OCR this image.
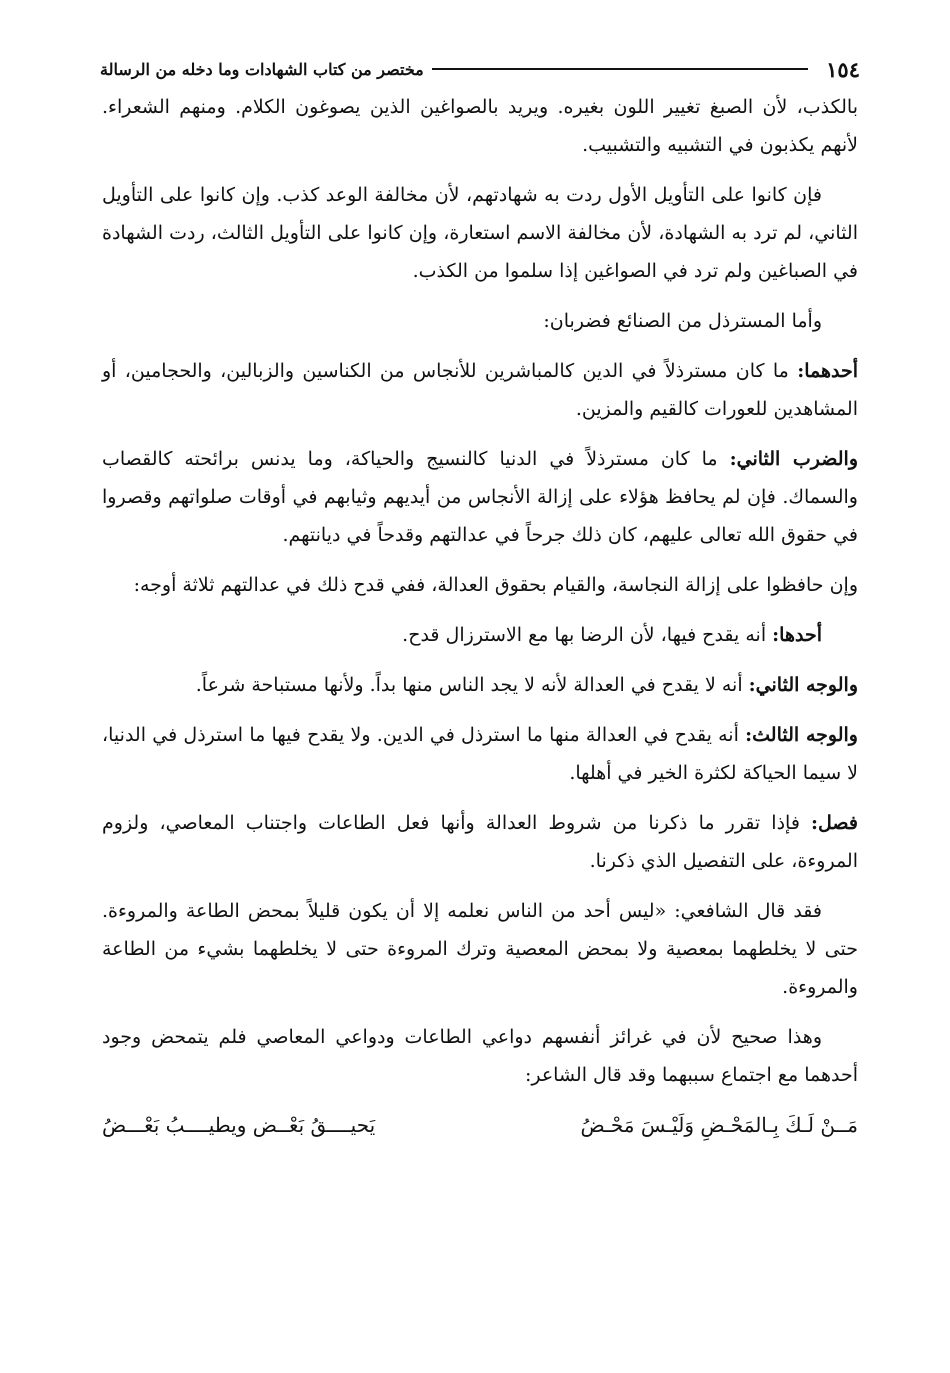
١٥٤
مختصر من كتاب الشهادات وما دخله من الرسالة

بالكذب، لأن الصبغ تغيير اللون بغيره. ويريد بالصواغين الذين يصوغون الكلام. ومنهم الشعراء. لأنهم يكذبون في التشبيه والتشبيب.

فإن كانوا على التأويل الأول ردت به شهادتهم، لأن مخالفة الوعد كذب. وإن كانوا على التأويل الثاني، لم ترد به الشهادة، لأن مخالفة الاسم استعارة، وإن كانوا على التأويل الثالث، ردت الشهادة في الصباغين ولم ترد في الصواغين إذا سلموا من الكذب.

وأما المسترذل من الصنائع فضربان:

أحدهما: ما كان مسترذلاً في الدين كالمباشرين للأنجاس من الكناسين والزبالين، والحجامين، أو المشاهدين للعورات كالقيم والمزين.

والضرب الثاني: ما كان مسترذلاً في الدنيا كالنسيج والحياكة، وما يدنس برائحته كالقصاب والسماك. فإن لم يحافظ هؤلاء على إزالة الأنجاس من أيديهم وثيابهم في أوقات صلواتهم وقصروا في حقوق الله تعالى عليهم، كان ذلك جرحاً في عدالتهم وقدحاً في ديانتهم.

وإن حافظوا على إزالة النجاسة، والقيام بحقوق العدالة، ففي قدح ذلك في عدالتهم ثلاثة أوجه:

أحدها: أنه يقدح فيها، لأن الرضا بها مع الاسترزال قدح.

والوجه الثاني: أنه لا يقدح في العدالة لأنه لا يجد الناس منها بداً. ولأنها مستباحة شرعاً.

والوجه الثالث: أنه يقدح في العدالة منها ما استرذل في الدين. ولا يقدح فيها ما استرذل في الدنيا، لا سيما الحياكة لكثرة الخير في أهلها.

فصل: فإذا تقرر ما ذكرنا من شروط العدالة وأنها فعل الطاعات واجتناب المعاصي، ولزوم المروءة، على التفصيل الذي ذكرنا.

فقد قال الشافعي: «ليس أحد من الناس نعلمه إلا أن يكون قليلاً بمحض الطاعة والمروءة. حتى لا يخلطهما بمعصية ولا بمحض المعصية وترك المروءة حتى لا يخلطهما بشيء من الطاعة والمروءة.

وهذا صحيح لأن في غرائز أنفسهم دواعي الطاعات ودواعي المعاصي فلم يتمحض وجود أحدهما مع اجتماع سببهما وقد قال الشاعر:

مَــنْ لَـكَ بِـالمَحْـضِ وَلَيْـسَ مَحْـضُ
يَحيــــقُ بَعْــض ويطيــــبُ بَعْـــضُ
